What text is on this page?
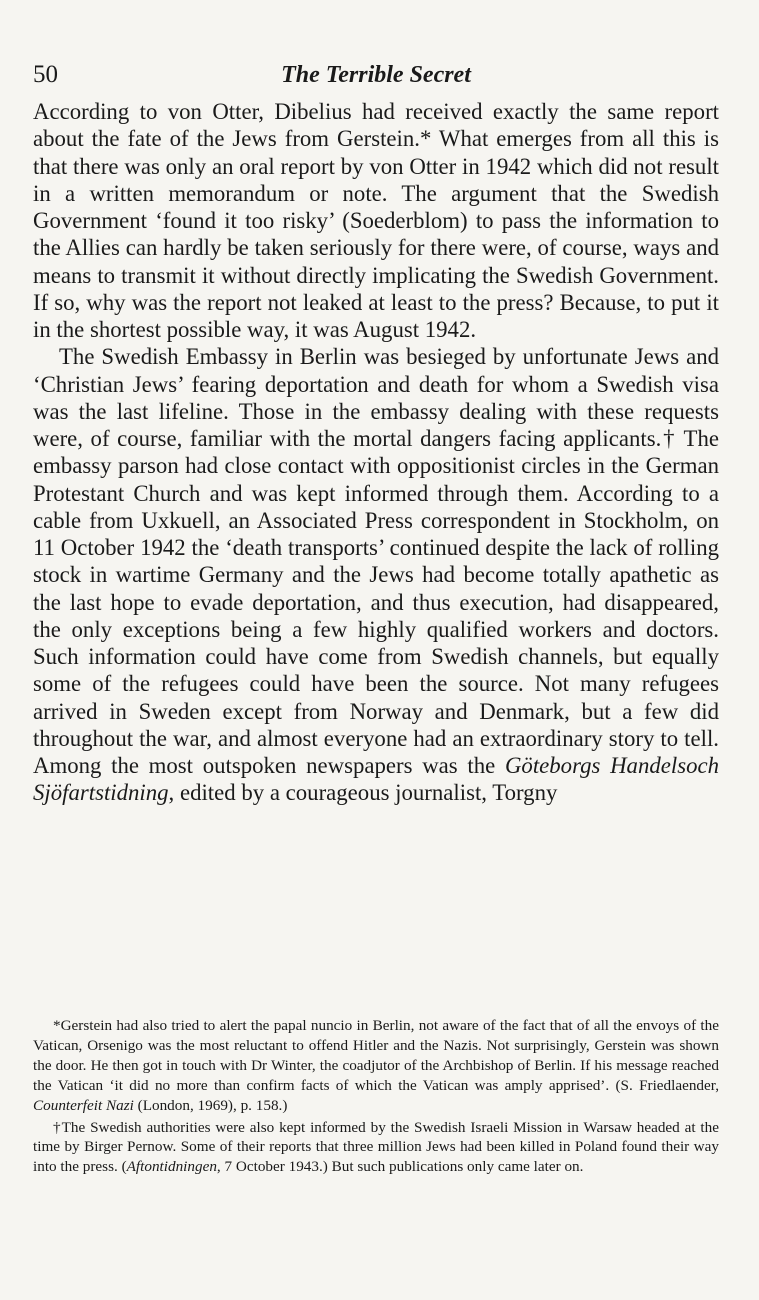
50	The Terrible Secret

According to von Otter, Dibelius had received exactly the same report about the fate of the Jews from Gerstein.* What emerges from all this is that there was only an oral report by von Otter in 1942 which did not result in a written memorandum or note. The argument that the Swedish Government ‘found it too risky’ (Soederblom) to pass the information to the Allies can hardly be taken seriously for there were, of course, ways and means to transmit it without directly implicating the Swedish Government. If so, why was the report not leaked at least to the press? Because, to put it in the shortest possible way, it was August 1942.

The Swedish Embassy in Berlin was besieged by unfortunate Jews and ‘Christian Jews’ fearing deportation and death for whom a Swedish visa was the last lifeline. Those in the embassy dealing with these requests were, of course, familiar with the mortal dangers facing applicants.† The embassy parson had close contact with oppositionist circles in the German Protestant Church and was kept informed through them. According to a cable from Uxkuell, an Associated Press correspondent in Stockholm, on 11 October 1942 the ‘death transports’ continued despite the lack of rolling stock in wartime Germany and the Jews had become totally apathetic as the last hope to evade deportation, and thus execution, had disappeared, the only exceptions being a few highly qualified workers and doctors. Such information could have come from Swedish channels, but equally some of the refugees could have been the source. Not many refugees arrived in Sweden except from Norway and Denmark, but a few did throughout the war, and almost everyone had an extraordinary story to tell. Among the most outspoken newspapers was the Göteborgs Handelsoch Sjöfartstidning, edited by a courageous journalist, Torgny

*Gerstein had also tried to alert the papal nuncio in Berlin, not aware of the fact that of all the envoys of the Vatican, Orsenigo was the most reluctant to offend Hitler and the Nazis. Not surprisingly, Gerstein was shown the door. He then got in touch with Dr Winter, the coadjutor of the Archbishop of Berlin. If his message reached the Vatican ‘it did no more than confirm facts of which the Vatican was amply apprised’. (S. Friedlaender, Counterfeit Nazi (London, 1969), p. 158.)

†The Swedish authorities were also kept informed by the Swedish Israeli Mission in Warsaw headed at the time by Birger Pernow. Some of their reports that three million Jews had been killed in Poland found their way into the press. (Aftontidningen, 7 October 1943.) But such publications only came later on.
